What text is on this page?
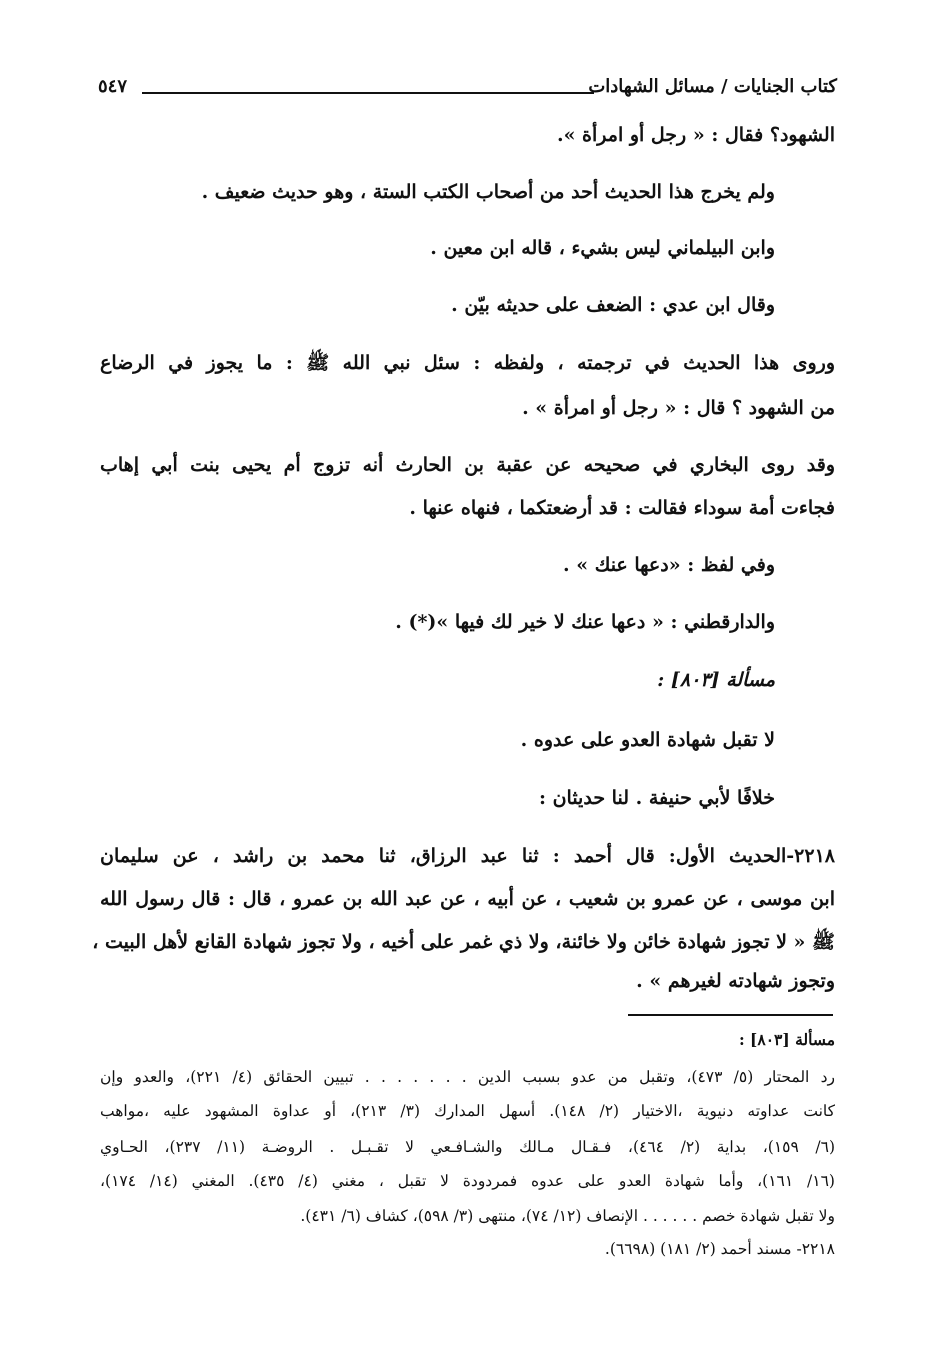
كتاب الجنايات / مسائل الشهادات
٥٤٧
الشهود؟ فقال : « رجل أو امرأة ».
ولم يخرج هذا الحديث أحد من أصحاب الكتب الستة ، وهو حديث ضعيف .
وابن البيلماني ليس بشيء ، قاله ابن معين .
وقال ابن عدي : الضعف على حديثه بيّن .
وروى هذا الحديث في ترجمته ، ولفظه : سئل نبي الله ﷺ : ما يجوز في الرضاع
من الشهود ؟ قال : « رجل أو امرأة » .
وقد روى البخاري في صحيحه عن عقبة بن الحارث أنه تزوج أم يحيى بنت أبي إهاب
فجاءت أمة سوداء فقالت : قد أرضعتكما ، فنهاه عنها .
وفي لفظ : «دعها عنك » .
والدارقطني : « دعها عنك لا خير لك فيها »(*) .
مسألة [٨٠٣] :
لا تقبل شهادة العدو على عدوه .
خلافًا لأبي حنيفة . لنا حديثان :
٢٢١٨-الحديث الأول: قال أحمد : ثنا عبد الرزاق، ثنا محمد بن راشد ، عن سليمان
ابن موسى ، عن عمرو بن شعيب ، عن أبيه ، عن عبد الله بن عمرو ، قال : قال رسول الله
ﷺ « لا تجوز شهادة خائن ولا خائنة، ولا ذي غمر على أخيه ، ولا تجوز شهادة القانع لأهل البيت ،
وتجوز شهادته لغيرهم » .
مسألة [٨٠٣] :
رد المحتار (٥/ ٤٧٣)، وتقبل من عدو بسبب الدين . . . . . . . تبيين الحقائق (٤/ ٢٢١)، والعدو وإن
كانت عداوته دنيوية ،الاختيار (٢/ ١٤٨). أسهل المدارك (٣/ ٢١٣)، أو عداوة المشهود عليه ،مواهب
(٦/ ١٥٩)، بداية (٢/ ٤٦٤)، فـقـال مـالك والشـافـعي لا تقـبـل . الروضـة (١١/ ٢٣٧)، الحـاوي
(١٦/ ١٦١)، وأما شهادة العدو على عدوه فمردودة لا تقبل ، مغني (٤/ ٤٣٥). المغني (١٤/ ١٧٤)،
ولا تقبل شهادة خصم . . . . . . الإنصاف (١٢/ ٧٤)، منتهى (٣/ ٥٩٨)، كشاف (٦/ ٤٣١).
٢٢١٨- مسند أحمد (٢/ ١٨١) (٦٦٩٨).
